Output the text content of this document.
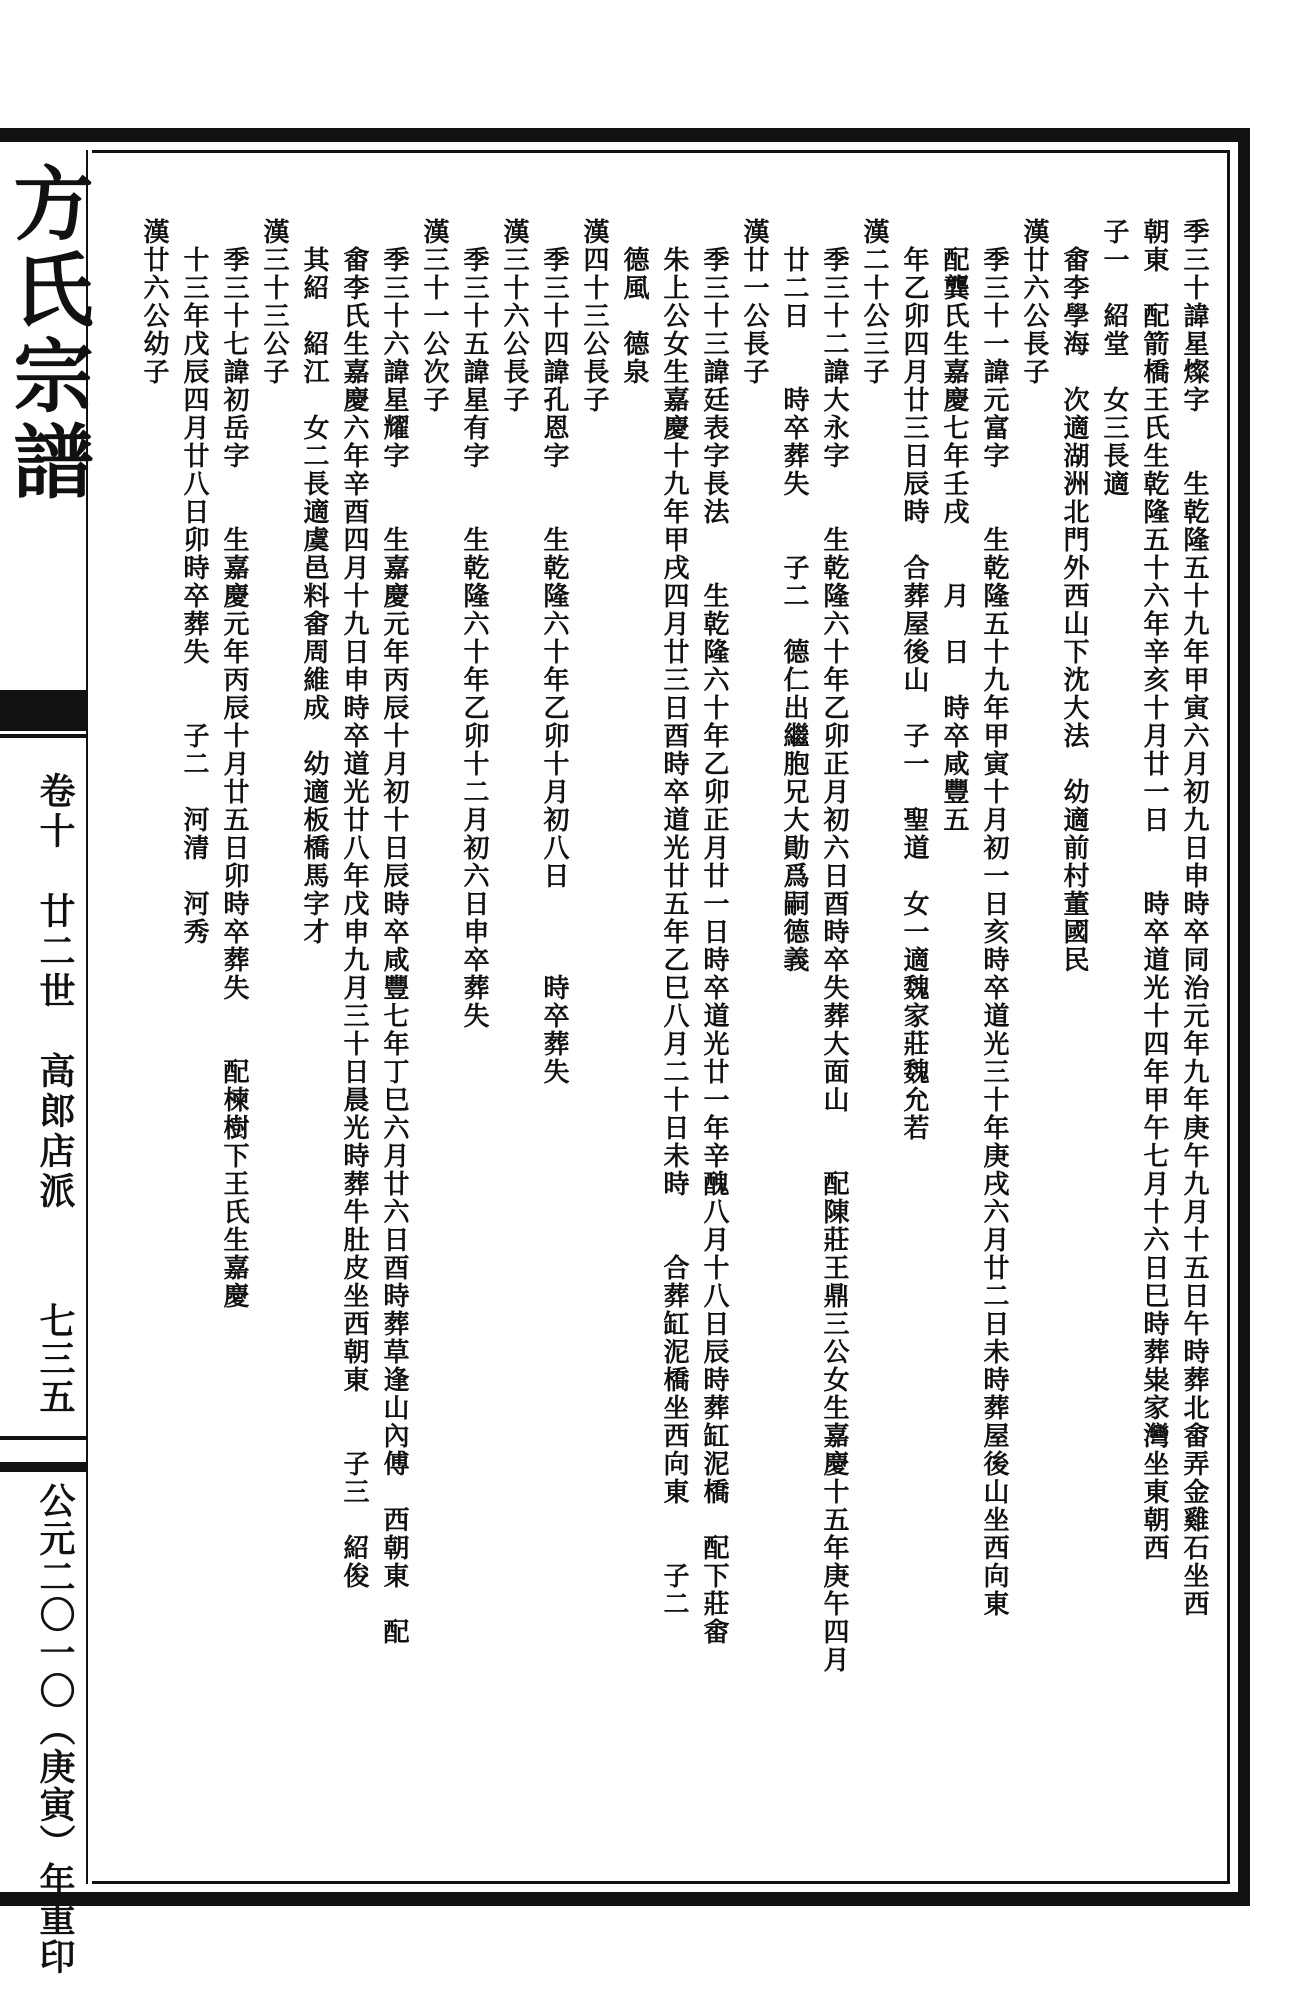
方氏宗譜
卷十　廿二世　高郎店派
七三五
公元二〇一〇（庚寅）年重印
季三十諱星燦字　　生乾隆五十九年甲寅六月初九日申時卒同治元年九年庚午九月十五日午時葬北畬弄金雞石坐西
朝東　配箭橋王氏生乾隆五十六年辛亥十月廿一日　　時卒道光十四年甲午七月十六日巳時葬粜家灣坐東朝西
子一　紹堂　女三長適
　畬李學海　次適湖洲北門外西山下沈大法　幼適前村董國民
漢廿六公長子
　季三十一諱元富字　　生乾隆五十九年甲寅十月初一日亥時卒道光三十年庚戌六月廿二日未時葬屋後山坐西向東
　配龔氏生嘉慶七年壬戌　　月　日　時卒咸豐五
　年乙卯四月廿三日辰時　合葬屋後山　子一　聖道　女一適魏家莊魏允若
漢二十公三子
　季三十二諱大永字　　生乾隆六十年乙卯正月初六日酉時卒失葬大面山　　配陳莊王鼎三公女生嘉慶十五年庚午四月
　廿二日　　時卒葬失　　子二　德仁出繼胞兄大勛爲嗣德義
漢廿一公長子
　季三十三諱廷表字長法　　生乾隆六十年乙卯正月廿一日時卒道光廿一年辛醜八月十八日辰時葬缸泥橋　配下莊畬
　朱上公女生嘉慶十九年甲戌四月廿三日酉時卒道光廿五年乙巳八月二十日未時　　合葬缸泥橋坐西向東　　子二
　德風　德泉
漢四十三公長子
　季三十四諱孔恩字　　生乾隆六十年乙卯十月初八日　　　時卒葬失
漢三十六公長子
　季三十五諱星有字　　生乾隆六十年乙卯十二月初六日申卒葬失
漢三十一公次子
　季三十六諱星耀字　　生嘉慶元年丙辰十月初十日辰時卒咸豐七年丁巳六月廿六日酉時葬草逢山內傅　西朝東　配
　畬李氏生嘉慶六年辛酉四月十九日申時卒道光廿八年戊申九月三十日晨光時葬牛肚皮坐西朝東　　子三　紹俊
　其紹　紹江　女二長適虞邑料畬周維成　幼適板橋馬字才
漢三十三公子
　季三十七諱初岳字　　生嘉慶元年丙辰十月廿五日卯時卒葬失　　配楝樹下王氏生嘉慶
　十三年戊辰四月廿八日卯時卒葬失　　子二　河清　河秀
漢廿六公幼子
